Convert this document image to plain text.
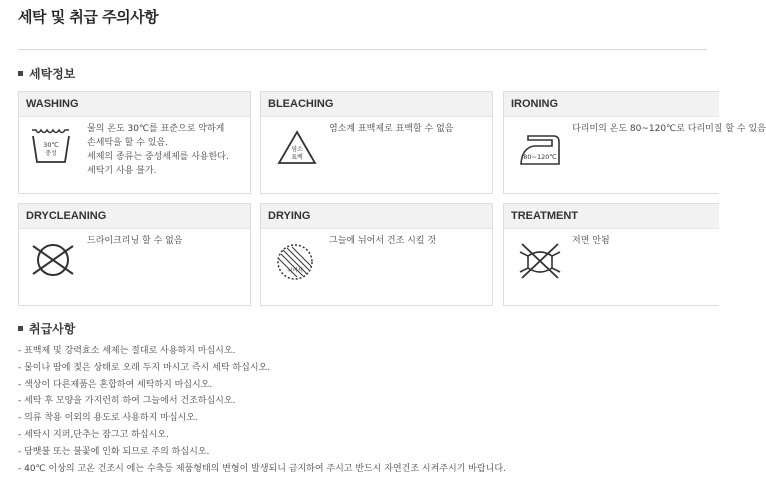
세탁 및 취급 주의사항
세탁정보
WASHING
30℃
중성
물의 온도 30℃를 표준으로 약하게
손세탁을 할 수 있음.
세제의 종류는 중성세제를 사용한다.
세탁기 사용 불가.
BLEACHING
염소
표백
염소계 표백제로 표백할 수 없음
IRONING
80~120℃
다리미의 온도 80~120℃로 다리미질 할 수 있음
DRYCLEANING
드라이크리닝 할 수 없음
DRYING
뉘어서
그늘에 뉘어서 건조 시킬 것
TREATMENT
저면 안됨
취급사항
- 표백제 및 강력효소 세제는 절대로 사용하지 마십시오.
- 물이나 땀에 젖은 상태로 오래 두지 마시고 즉시 세탁 하십시오.
- 색상이 다른제품은 혼합하여 세탁하지 마십시오.
- 세탁 후 모양을 가지런히 하여 그늘에서 건조하십시오.
- 의류 착용 이외의 용도로 사용하지 마십시오.
- 세탁시 지퍼,단추는 잠그고 하십시오.
- 담뱃불 또는 불꽃에 인화 되므로 주의 하십시오.
- 40℃ 이상의 고온 건조시 에는 수축등 제품형태의 변형이 발생되니 금지하여 주시고 반드시 자연건조 시켜주시기 바랍니다.
